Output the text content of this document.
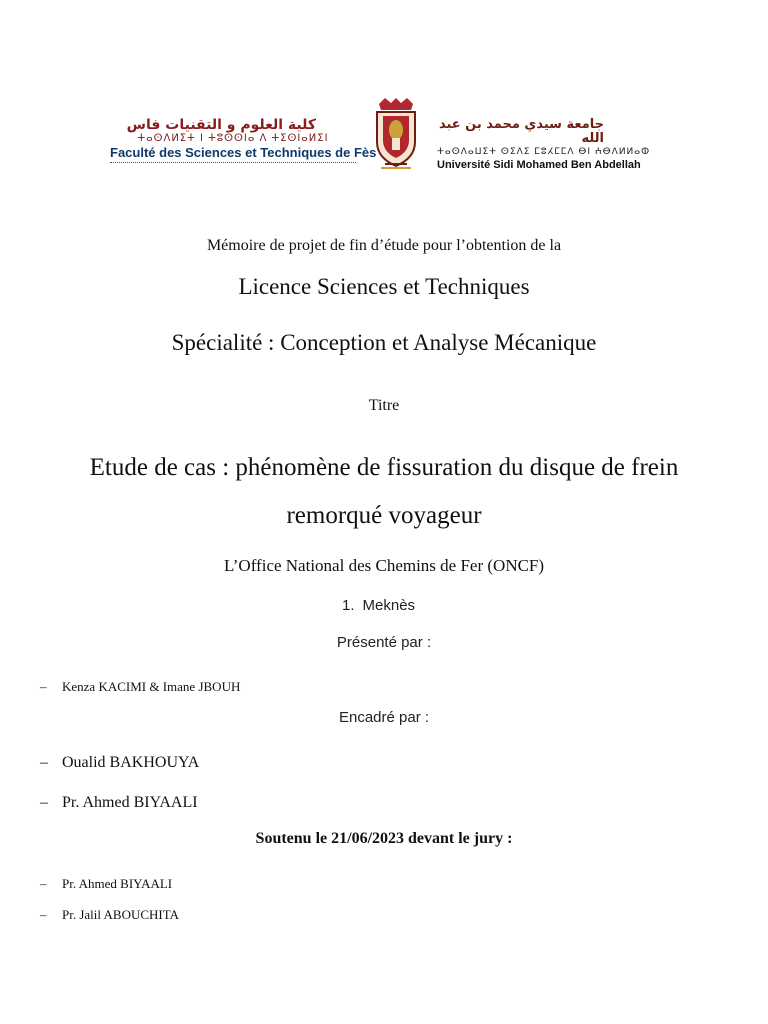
كلية العلوم و التقنيات فاس
ⵜⴰⵙⴷⵍⵉⵜ ⵏ ⵜⵓⵙⵙⵏⴰ ⴷ ⵜⵉⵙⵏⴰⵍⵉⵏ
Faculté des Sciences et Techniques de Fès
جامعة سيدي محمد بن عبد الله
ⵜⴰⵙⴷⴰⵡⵉⵜ ⵙⵉⴷⵉ ⵎⵓⵃⵎⵎⴷ ⴱⵏ ⵄⴱⴷⵍⵍⴰⵀ
Université Sidi Mohamed Ben Abdellah
Mémoire de projet de fin d’étude pour l’obtention de la
Licence Sciences et Techniques
Spécialité : Conception et Analyse Mécanique
Titre
Etude de cas : phénomène de fissuration du disque de frein
remorqué voyageur
L’Office National des Chemins de Fer (ONCF)
1. Meknès
Présenté par :
– Kenza KACIMI & Imane JBOUH
Encadré par :
– Oualid BAKHOUYA
– Pr. Ahmed BIYAALI
Soutenu le 21/06/2023 devant le jury :
– Pr. Ahmed BIYAALI
– Pr. Jalil ABOUCHITA
